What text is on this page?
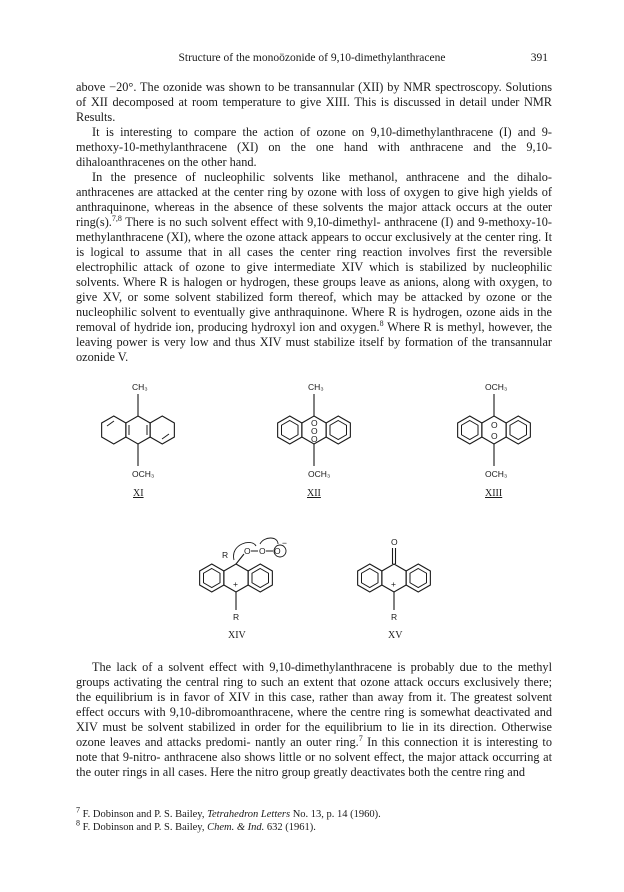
Structure of the monoözonide of 9,10-dimethylanthracene	391

above −20°. The ozonide was shown to be transannular (XII) by NMR spectroscopy. Solutions of XII decomposed at room temperature to give XIII. This is discussed in detail under NMR Results.

It is interesting to compare the action of ozone on 9,10-dimethylanthracene (I) and 9-methoxy-10-methylanthracene (XI) on the one hand with anthracene and the 9,10-dihaloanthracenes on the other hand.

In the presence of nucleophilic solvents like methanol, anthracene and the dihalo- anthracenes are attacked at the center ring by ozone with loss of oxygen to give high yields of anthraquinone, whereas in the absence of these solvents the major attack occurs at the outer ring(s).$^{7,8}$ There is no such solvent effect with 9,10-dimethyl- anthracene (I) and 9-methoxy-10-methylanthracene (XI), where the ozone attack appears to occur exclusively at the center ring. It is logical to assume that in all cases the center ring reaction involves first the reversible electrophilic attack of ozone to give intermediate XIV which is stabilized by nucleophilic solvents. Where R is halogen or hydrogen, these groups leave as anions, along with oxygen, to give XV, or some solvent stabilized form thereof, which may be attacked by ozone or the nucleophilic solvent to eventually give anthraquinone. Where R is hydrogen, ozone aids in the removal of hydride ion, producing hydroxyl ion and oxygen.$^8$ Where R is methyl, however, the leaving power is very low and thus XIV must stabilize itself by formation of the transannular ozonide V.

CH₃
OCH₃
XI
O
O
O
CH₃
OCH₃
XII
O
O
OCH₃
OCH₃
XIII
R O O O
−
+
R
XIV
O
+
R
XV

The lack of a solvent effect with 9,10-dimethylanthracene is probably due to the methyl groups activating the central ring to such an extent that ozone attack occurs exclusively there; the equilibrium is in favor of XIV in this case, rather than away from it. The greatest solvent effect occurs with 9,10-dibromoanthracene, where the centre ring is somewhat deactivated and XIV must be solvent stabilized in order for the equilibrium to lie in its direction. Otherwise ozone leaves and attacks predomi- nantly an outer ring.$^7$ In this connection it is interesting to note that 9-nitro- anthracene also shows little or no solvent effect, the major attack occurring at the outer rings in all cases. Here the nitro group greatly deactivates both the centre ring and

$^7$ F. Dobinson and P. S. Bailey, Tetrahedron Letters No. 13, p. 14 (1960).

$^8$ F. Dobinson and P. S. Bailey, Chem. & Ind. 632 (1961).
